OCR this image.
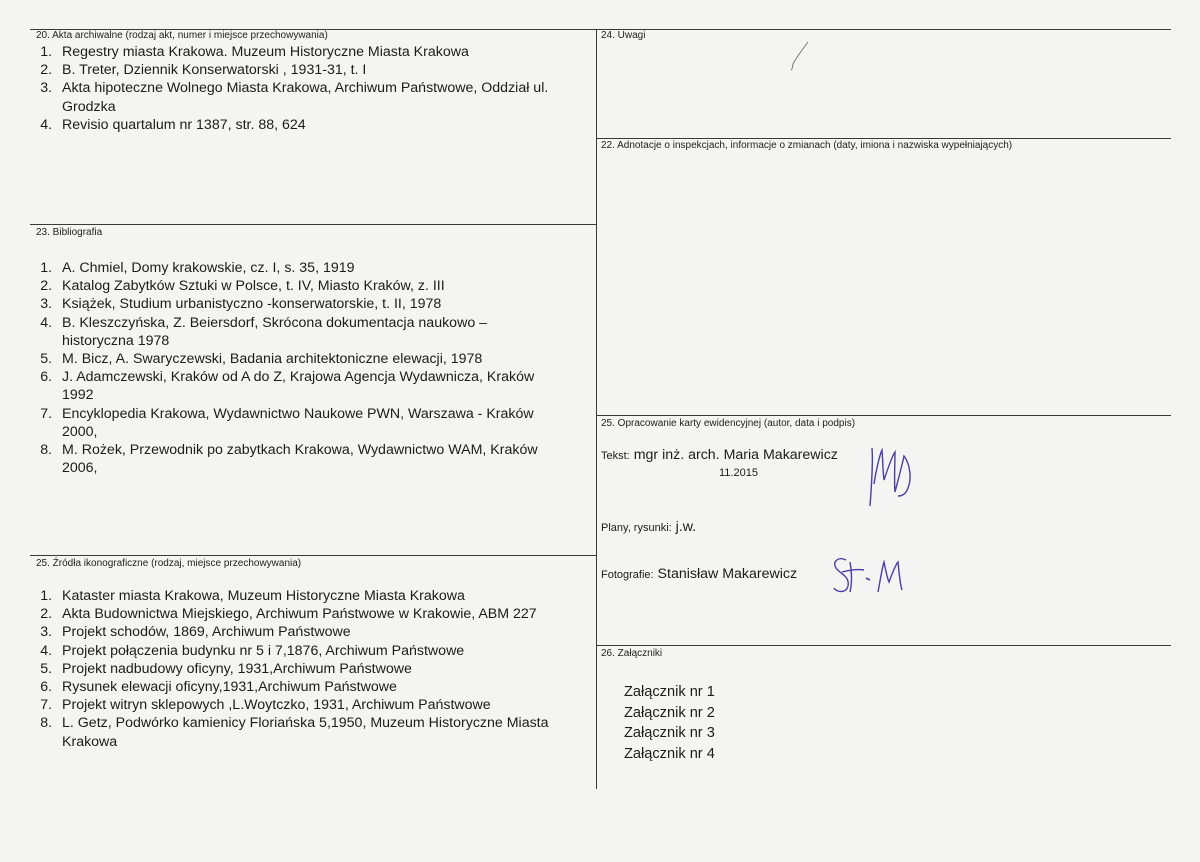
20. Akta archiwalne (rodzaj akt, numer i miejsce przechowywania)
1. Regestry miasta Krakowa. Muzeum Historyczne Miasta Krakowa
2. B. Treter, Dziennik Konserwatorski , 1931-31, t. I
3. Akta hipoteczne Wolnego Miasta Krakowa, Archiwum Państwowe, Oddział ul. Grodzka
4. Revisio quartalum nr 1387, str. 88, 624
23. Bibliografia
1. A. Chmiel, Domy krakowskie, cz. I, s. 35, 1919
2. Katalog Zabytków Sztuki w Polsce, t. IV, Miasto Kraków, z. III
3. Książek, Studium urbanistyczno -konserwatorskie, t. II, 1978
4. B. Kleszczyńska, Z. Beiersdorf, Skrócona dokumentacja naukowo – historyczna 1978
5. M. Bicz, A. Swaryczewski, Badania architektoniczne elewacji, 1978
6. J. Adamczewski, Kraków od A do Z, Krajowa Agencja Wydawnicza, Kraków 1992
7. Encyklopedia Krakowa, Wydawnictwo Naukowe PWN, Warszawa - Kraków 2000,
8. M. Rożek, Przewodnik po zabytkach Krakowa, Wydawnictwo WAM, Kraków 2006,
25. Źródła ikonograficzne (rodzaj, miejsce przechowywania)
1. Kataster miasta Krakowa, Muzeum Historyczne Miasta Krakowa
2. Akta Budownictwa Miejskiego, Archiwum Państwowe w Krakowie, ABM 227
3. Projekt schodów, 1869, Archiwum Państwowe
4. Projekt połączenia budynku nr 5 i 7,1876, Archiwum Państwowe
5. Projekt nadbudowy oficyny, 1931,Archiwum Państwowe
6. Rysunek elewacji oficyny,1931,Archiwum Państwowe
7. Projekt witryn sklepowych ,L.Woytczko, 1931, Archiwum Państwowe
8. L. Getz, Podwórko kamienicy Floriańska 5,1950, Muzeum Historyczne Miasta Krakowa
24. Uwagi
22. Adnotacje o inspekcjach, informacje o zmianach (daty, imiona i nazwiska wypełniających)
25. Opracowanie karty ewidencyjnej (autor, data i podpis)
Tekst: mgr inż. arch. Maria Makarewicz
11.2015
Plany, rysunki: j.w.
Fotografie: Stanisław Makarewicz
26. Załączniki
Załącznik nr 1
Załącznik nr 2
Załącznik nr 3
Załącznik nr 4
